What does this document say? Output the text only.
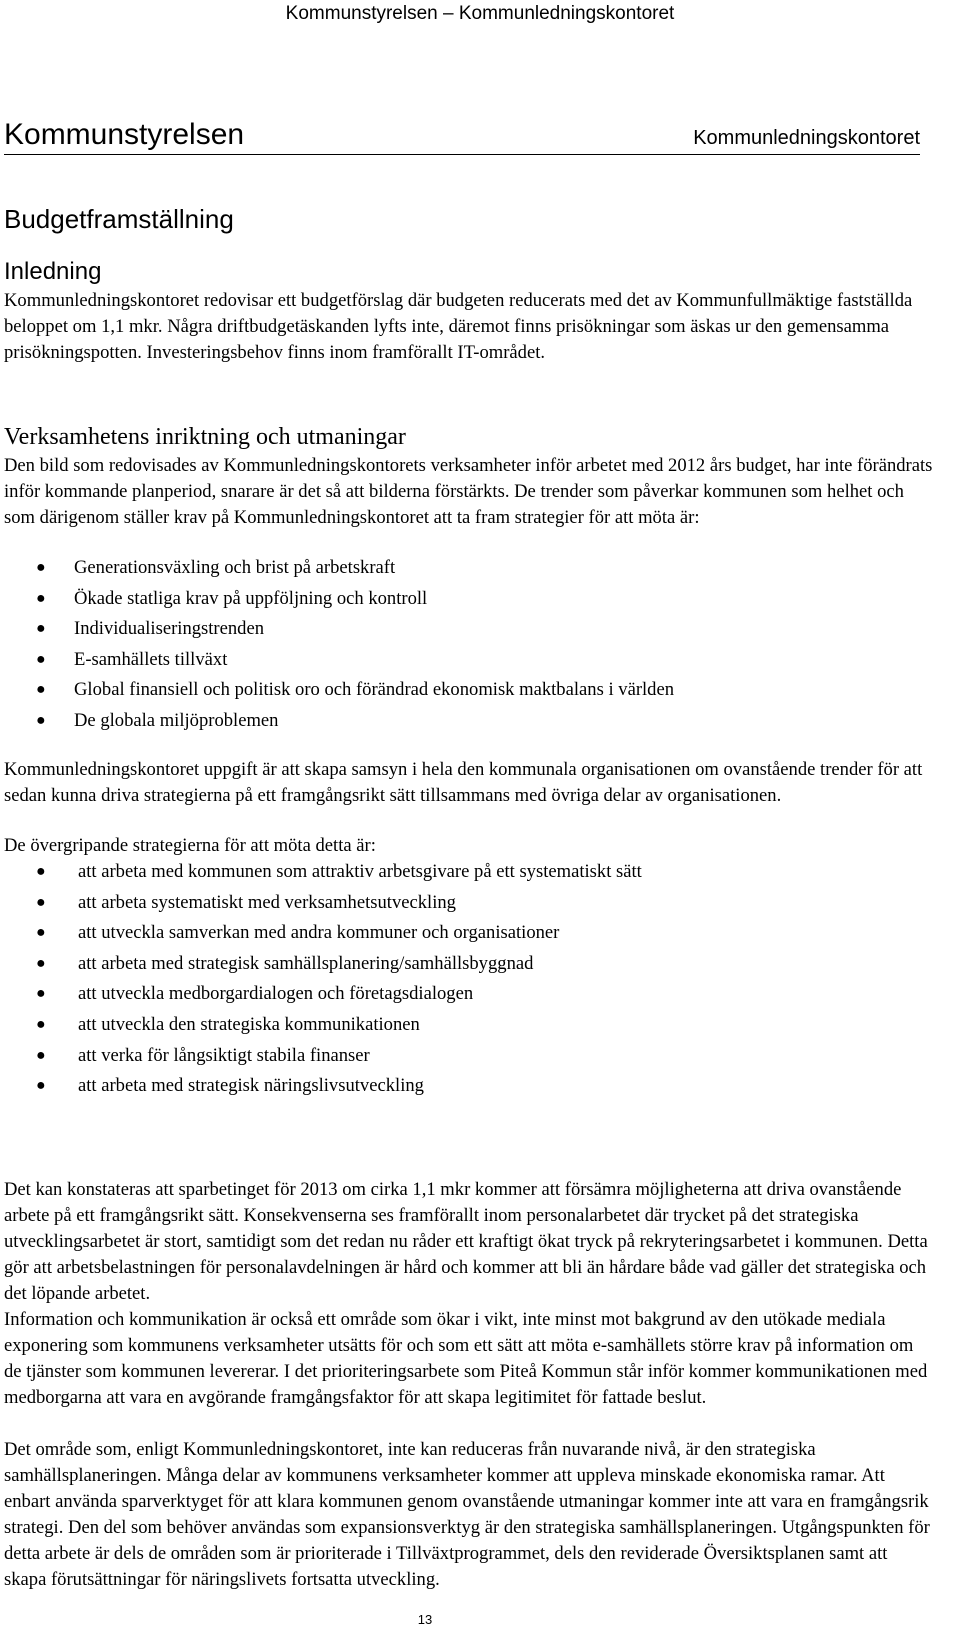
Kommunstyrelsen – Kommunledningskontoret
Kommunstyrelsen	Kommunledningskontoret
Budgetframställning
Inledning

Kommunledningskontoret redovisar ett budgetförslag där budgeten reducerats med det av Kommunfullmäktige fastställda beloppet om 1,1 mkr. Några driftbudgetäskanden lyfts inte, däremot finns prisökningar som äskas ur den gemensamma prisökningspotten. Investeringsbehov finns inom framförallt IT-området.

Verksamhetens inriktning och utmaningar

Den bild som redovisades av Kommunledningskontorets verksamheter inför arbetet med 2012 års budget, har inte förändrats inför kommande planperiod, snarare är det så att bilderna förstärkts. De trender som påverkar kommunen som helhet och som därigenom ställer krav på Kommunledningskontoret att ta fram strategier för att möta är:

● Generationsväxling och brist på arbetskraft
● Ökade statliga krav på uppföljning och kontroll
● Individualiseringstrenden
● E-samhällets tillväxt
● Global finansiell och politisk oro och förändrad ekonomisk maktbalans i världen
● De globala miljöproblemen

Kommunledningskontoret uppgift är att skapa samsyn i hela den kommunala organisationen om ovanstående trender för att sedan kunna driva strategierna på ett framgångsrikt sätt tillsammans med övriga delar av organisationen.

De övergripande strategierna för att möta detta är:

● att arbeta med kommunen som attraktiv arbetsgivare på ett systematiskt sätt
● att arbeta systematiskt med verksamhetsutveckling
● att utveckla samverkan med andra kommuner och organisationer
● att arbeta med strategisk samhällsplanering/samhällsbyggnad
● att utveckla medborgardialogen och företagsdialogen
● att utveckla den strategiska kommunikationen
● att verka för långsiktigt stabila finanser
● att arbeta med strategisk näringslivsutveckling

Det kan konstateras att sparbetinget för 2013 om cirka 1,1 mkr kommer att försämra möjligheterna att driva ovanstående arbete på ett framgångsrikt sätt. Konsekvenserna ses framförallt inom personalarbetet där trycket på det strategiska utvecklingsarbetet är stort, samtidigt som det redan nu råder ett kraftigt ökat tryck på rekryteringsarbetet i kommunen. Detta gör att arbetsbelastningen för personalavdelningen är hård och kommer att bli än hårdare både vad gäller det strategiska och det löpande arbetet.

Information och kommunikation är också ett område som ökar i vikt, inte minst mot bakgrund av den utökade mediala exponering som kommunens verksamheter utsätts för och som ett sätt att möta e-samhällets större krav på information om de tjänster som kommunen levererar. I det prioriteringsarbete som Piteå Kommun står inför kommer kommunikationen med medborgarna att vara en avgörande framgångsfaktor för att skapa legitimitet för fattade beslut.

Det område som, enligt Kommunledningskontoret, inte kan reduceras från nuvarande nivå, är den strategiska samhällsplaneringen. Många delar av kommunens verksamheter kommer att uppleva minskade ekonomiska ramar. Att enbart använda sparverktyget för att klara kommunen genom ovanstående utmaningar kommer inte att vara en framgångsrik strategi. Den del som behöver användas som expansionsverktyg är den strategiska samhällsplaneringen. Utgångspunkten för detta arbete är dels de områden som är prioriterade i Tillväxtprogrammet, dels den reviderade Översiktsplanen samt att skapa förutsättningar för näringslivets fortsatta utveckling.

13
